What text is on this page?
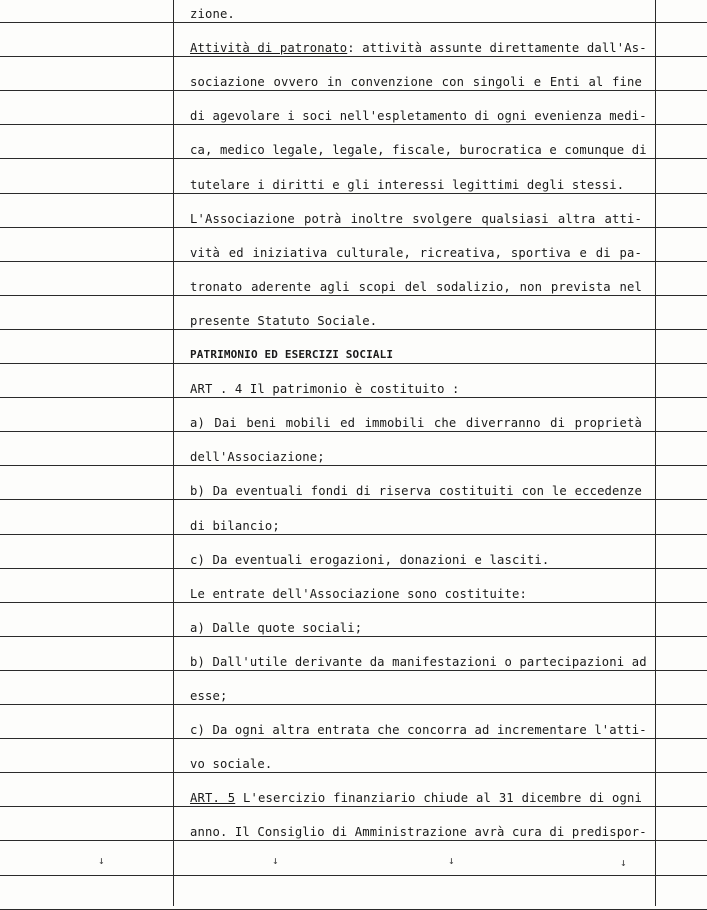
zione.
Attività di patronato: attività assunte direttamente dall'As-
sociazione ovvero in convenzione con singoli e Enti al fine
di agevolare i soci nell'espletamento di ogni evenienza medi-
ca, medico legale, legale, fiscale, burocratica e comunque di
tutelare i diritti e gli interessi legittimi degli stessi.
L'Associazione potrà inoltre svolgere qualsiasi altra atti-
vità ed iniziativa culturale, ricreativa, sportiva e di pa-
tronato aderente agli scopi del sodalizio, non prevista nel
presente Statuto Sociale.
PATRIMONIO ED ESERCIZI SOCIALI
ART . 4 Il patrimonio è costituito :
a) Dai beni mobili ed immobili che diverranno di proprietà
dell'Associazione;
b) Da eventuali fondi di riserva costituiti con le eccedenze
di bilancio;
c) Da eventuali erogazioni, donazioni e lasciti.
Le entrate dell'Associazione sono costituite:
a) Dalle quote sociali;
b) Dall'utile derivante da manifestazioni o partecipazioni ad
esse;
c) Da ogni altra entrata che concorra ad incrementare l'atti-
vo sociale.
ART. 5 L'esercizio finanziario chiude al 31 dicembre di ogni
anno. Il Consiglio di Amministrazione avrà cura di predispor-
↓	↓	↓	↓
